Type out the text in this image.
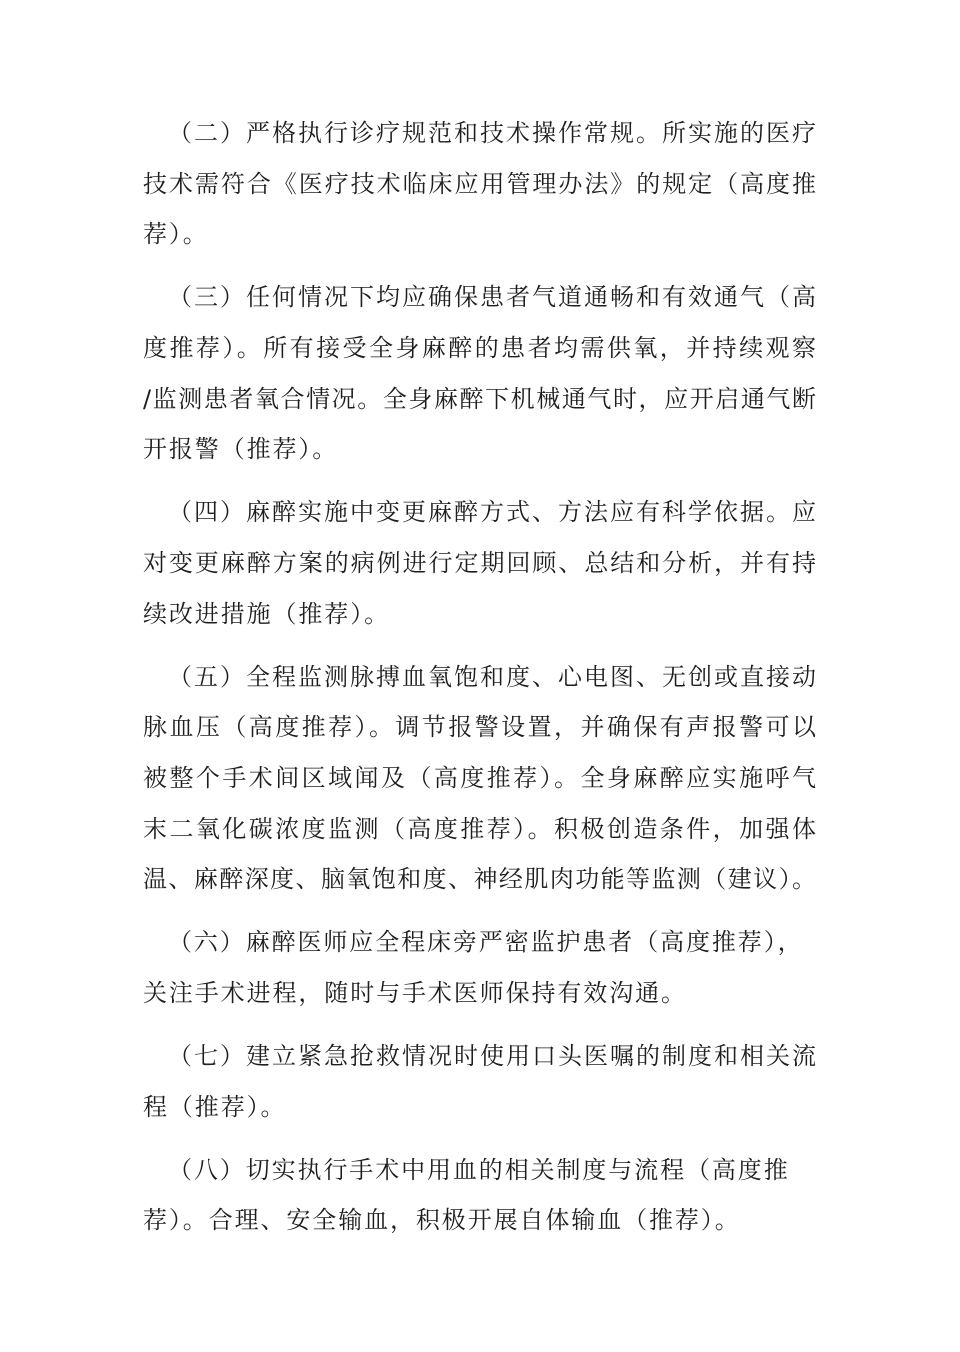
（二）严格执行诊疗规范和技术操作常规。所实施的医疗
技术需符合《医疗技术临床应用管理办法》的规定（高度推
荐）。
（三）任何情况下均应确保患者气道通畅和有效通气（高
度推荐）。所有接受全身麻醉的患者均需供氧，并持续观察
/监测患者氧合情况。全身麻醉下机械通气时，应开启通气断
开报警（推荐）。
（四）麻醉实施中变更麻醉方式、方法应有科学依据。应
对变更麻醉方案的病例进行定期回顾、总结和分析，并有持
续改进措施（推荐）。
（五）全程监测脉搏血氧饱和度、心电图、无创或直接动
脉血压（高度推荐）。调节报警设置，并确保有声报警可以
被整个手术间区域闻及（高度推荐）。全身麻醉应实施呼气
末二氧化碳浓度监测（高度推荐）。积极创造条件，加强体
温、麻醉深度、脑氧饱和度、神经肌肉功能等监测（建议）。
（六）麻醉医师应全程床旁严密监护患者（高度推荐），
关注手术进程，随时与手术医师保持有效沟通。
（七）建立紧急抢救情况时使用口头医嘱的制度和相关流
程（推荐）。
（八）切实执行手术中用血的相关制度与流程（高度推
荐）。合理、安全输血，积极开展自体输血（推荐）。
